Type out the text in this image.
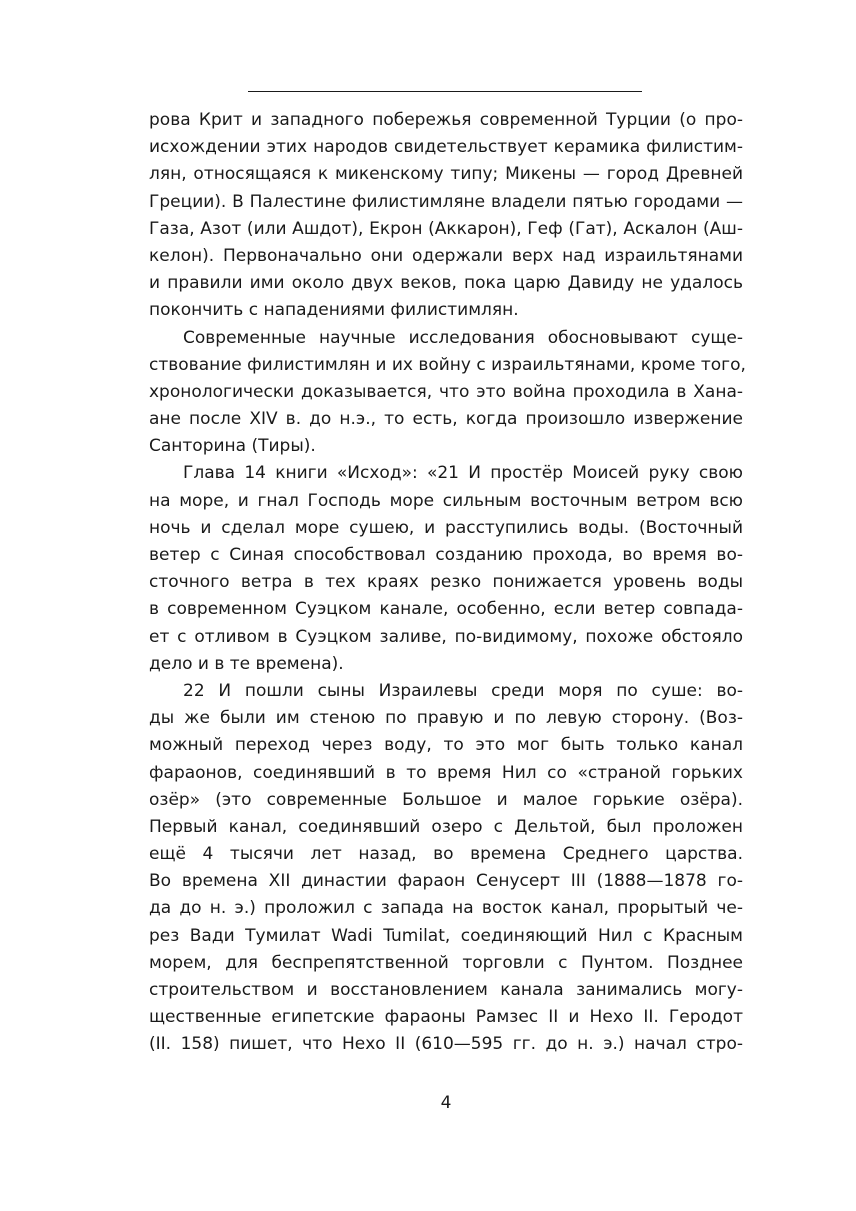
рова Крит и западного побережья современной Турции (о про-
исхождении этих народов свидетельствует керамика филистим-
лян, относящаяся к микенскому типу; Микены — город Древней
Греции). В Палестине филистимляне владели пятью городами —
Газа, Азот (или Ашдот), Екрон (Аккарон), Геф (Гат), Аскалон (Аш-
келон). Первоначально они одержали верх над израильтянами
и правили ими около двух веков, пока царю Давиду не удалось
покончить с нападениями филистимлян.
Современные научные исследования обосновывают суще-
ствование филистимлян и их войну с израильтянами, кроме того,
хронологически доказывается, что это война проходила в Хана-
ане после XIV в. до н.э., то есть, когда произошло извержение
Санторина (Тиры).
Глава 14 книги «Исход»: «21 И простёр Моисей руку свою
на море, и гнал Господь море сильным восточным ветром всю
ночь и сделал море сушею, и расступились воды. (Восточный
ветер с Синая способствовал созданию прохода, во время во-
сточного ветра в тех краях резко понижается уровень воды
в современном Суэцком канале, особенно, если ветер совпада-
ет с отливом в Суэцком заливе, по-видимому, похоже обстояло
дело и в те времена).
22 И пошли сыны Израилевы среди моря по суше: во-
ды же были им стеною по правую и по левую сторону. (Воз-
можный переход через воду, то это мог быть только канал
фараонов, соединявший в то время Нил со «страной горьких
озёр» (это современные Большое и малое горькие озёра).
Первый канал, соединявший озеро с Дельтой, был проложен
ещё 4 тысячи лет назад, во времена Среднего царства.
Во времена XII династии фараон Сенусерт III (1888—1878 го-
да до н. э.) проложил с запада на восток канал, прорытый че-
рез Вади Тумилат Wadi Tumilat, соединяющий Нил с Красным
морем, для беспрепятственной торговли с Пунтом. Позднее
строительством и восстановлением канала занимались могу-
щественные египетские фараоны Рамзес II и Нехо II. Геродот
(II. 158) пишет, что Нехо II (610—595 гг. до н. э.) начал стро-
4
